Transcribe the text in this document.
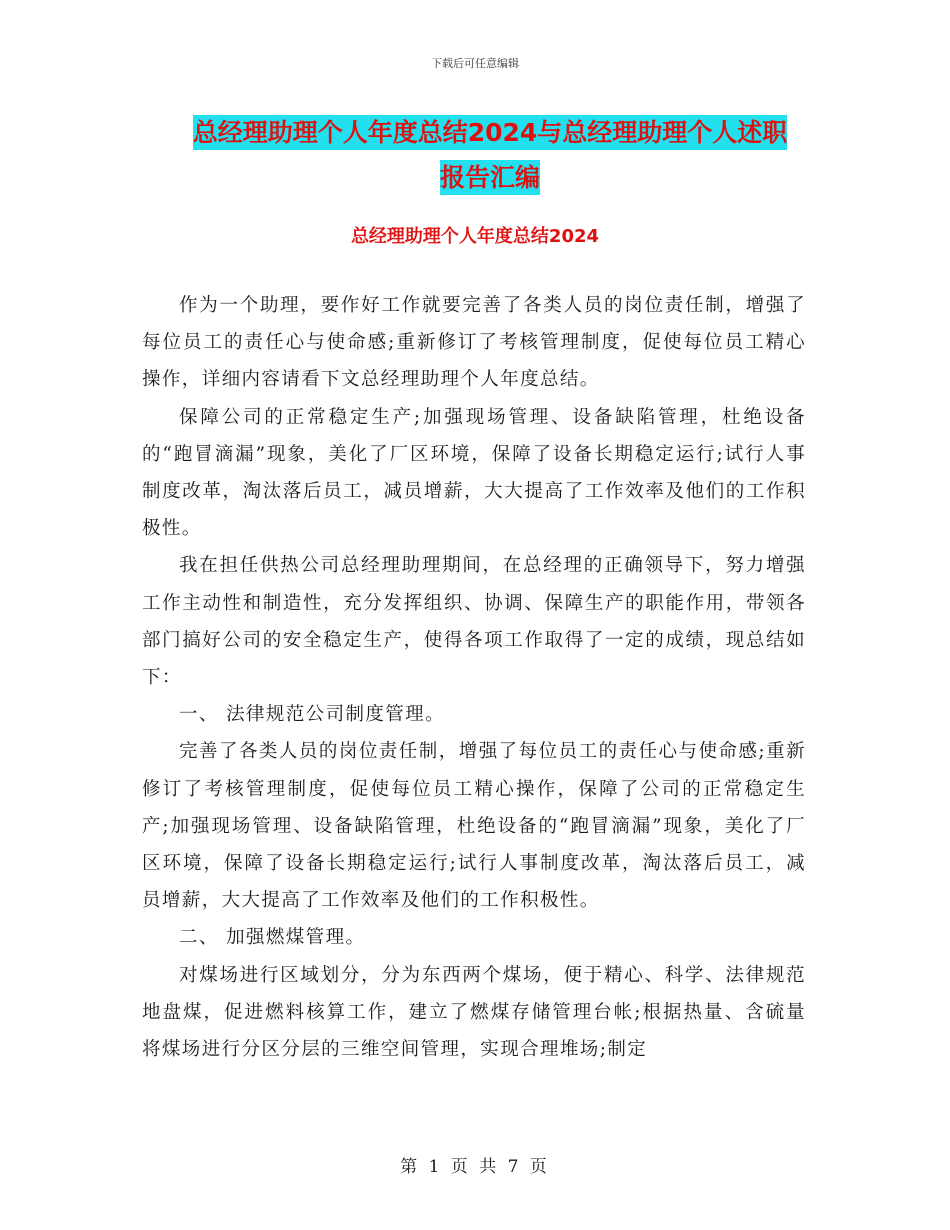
下载后可任意编辑
总经理助理个人年度总结2024与总经理助理个人述职
报告汇编
总经理助理个人年度总结2024

作为一个助理，要作好工作就要完善了各类人员的岗位责任制，增强了每位员工的责任心与使命感;重新修订了考核管理制度，促使每位员工精心操作，详细内容请看下文总经理助理个人年度总结。

保障公司的正常稳定生产;加强现场管理、设备缺陷管理，杜绝设备的“跑冒滴漏”现象，美化了厂区环境，保障了设备长期稳定运行;试行人事制度改革，淘汰落后员工，减员增薪，大大提高了工作效率及他们的工作积极性。

我在担任供热公司总经理助理期间，在总经理的正确领导下，努力增强工作主动性和制造性，充分发挥组织、协调、保障生产的职能作用，带领各部门搞好公司的安全稳定生产，使得各项工作取得了一定的成绩，现总结如下：

一、 法律规范公司制度管理。

完善了各类人员的岗位责任制，增强了每位员工的责任心与使命感;重新修订了考核管理制度，促使每位员工精心操作，保障了公司的正常稳定生产;加强现场管理、设备缺陷管理，杜绝设备的“跑冒滴漏”现象，美化了厂区环境，保障了设备长期稳定运行;试行人事制度改革，淘汰落后员工，减员增薪，大大提高了工作效率及他们的工作积极性。

二、 加强燃煤管理。

对煤场进行区域划分，分为东西两个煤场，便于精心、科学、法律规范地盘煤，促进燃料核算工作，建立了燃煤存储管理台帐;根据热量、含硫量将煤场进行分区分层的三维空间管理，实现合理堆场;制定

第 1 页 共 7 页
